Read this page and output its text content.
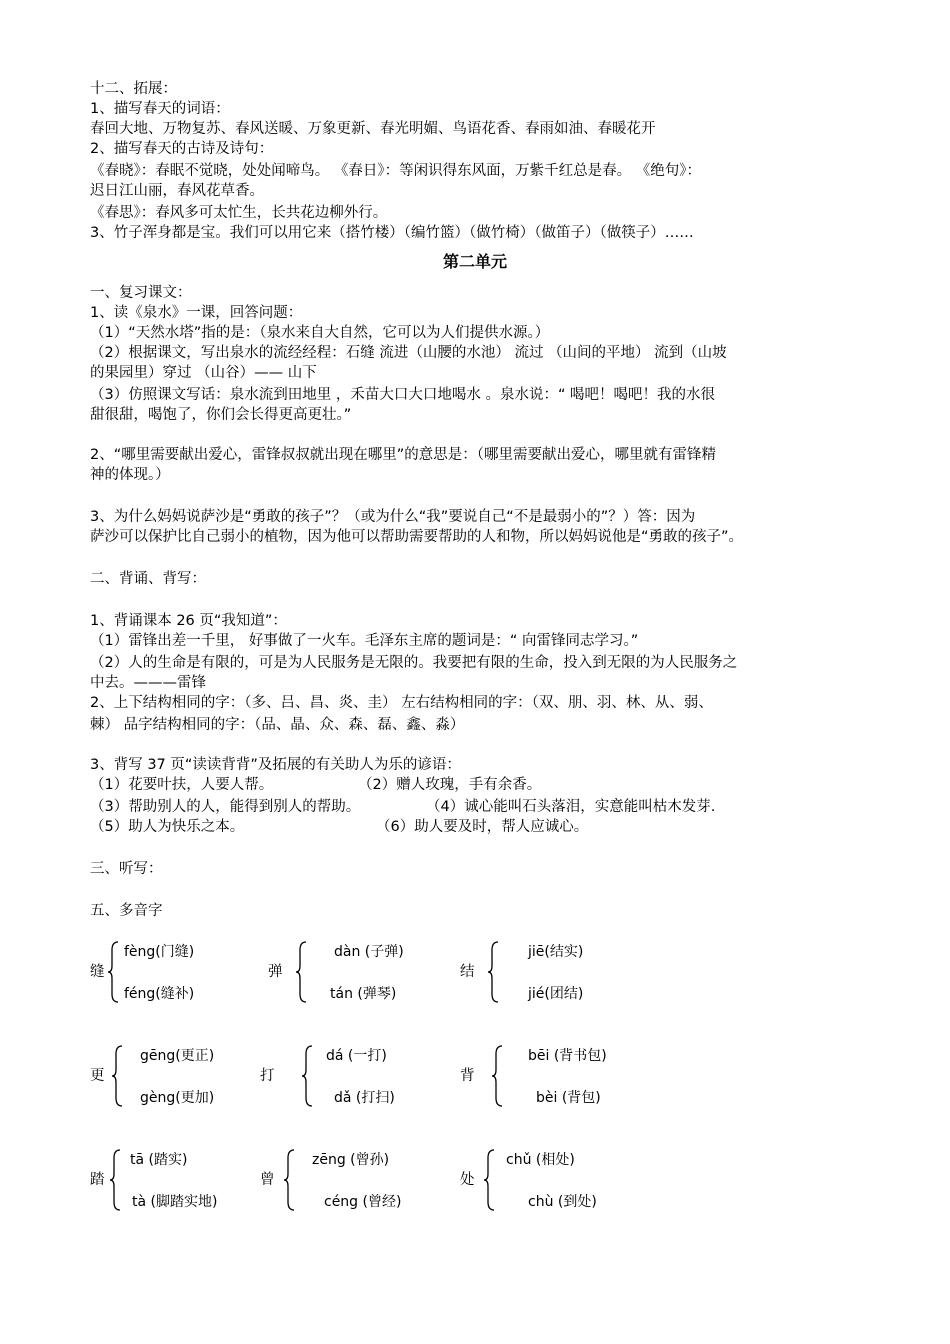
十二、拓展：
1、描写春天的词语：
春回大地、万物复苏、春风送暖、万象更新、春光明媚、鸟语花香、春雨如油、春暖花开
2、描写春天的古诗及诗句：
《春晓》：春眠不觉晓，处处闻啼鸟。 《春日》：等闲识得东风面，万紫千红总是春。 《绝句》：
迟日江山丽，春风花草香。
《春思》：春风多可太忙生，长共花边柳外行。
3、竹子浑身都是宝。我们可以用它来（搭竹楼）（编竹篮）（做竹椅）（做笛子）（做筷子）……
第二单元
一、复习课文：
1、读《泉水》一课，回答问题：
（1）“天然水塔”指的是：（泉水来自大自然，它可以为人们提供水源。）
（2）根据课文，写出泉水的流经经程：石缝 流进（山腰的水池） 流过 （山间的平地） 流到（山坡
的果园里）穿过 （山谷）—— 山下
（3）仿照课文写话：泉水流到田地里 ，禾苗大口大口地喝水 。泉水说：“ 喝吧！喝吧！我的水很
甜很甜，喝饱了，你们会长得更高更壮。”
2、“哪里需要献出爱心，雷锋叔叔就出现在哪里”的意思是：（哪里需要献出爱心，哪里就有雷锋精
神的体现。）
3、为什么妈妈说萨沙是“勇敢的孩子”？（或为什么“我”要说自己“不是最弱小的”？）答：因为
萨沙可以保护比自己弱小的植物，因为他可以帮助需要帮助的人和物，所以妈妈说他是“勇敢的孩子”。
二、背诵、背写：
1、背诵课本 26 页“我知道”：
（1）雷锋出差一千里， 好事做了一火车。毛泽东主席的题词是：“ 向雷锋同志学习。”
（2）人的生命是有限的，可是为人民服务是无限的。我要把有限的生命，投入到无限的为人民服务之
中去。———雷锋
2、上下结构相同的字：（多、吕、昌、炎、圭） 左右结构相同的字：（双、朋、羽、林、从、弱、
棘） 品字结构相同的字：（品、晶、众、森、磊、鑫、淼）
3、背写 37 页“读读背背”及拓展的有关助人为乐的谚语：
（1）花要叶扶，人要人帮。	（2）赠人玫瑰，手有余香。
（3）帮助别人的人，能得到别人的帮助。	（4）诚心能叫石头落泪，实意能叫枯木发芽.
（5）助人为快乐之本。	（6）助人要及时，帮人应诚心。
三、听写：
五、多音字
缝
fèng(门缝)
féng(缝补)
弹
dàn (子弹)
tán (弹琴)
结
jiē(结实)
jié(团结)
更
gēng(更正)
gèng(更加)
打
dá (一打)
dǎ (打扫)
背
bēi (背书包)
bèi (背包)
踏
tā (踏实)
tà (脚踏实地)
曾
zēng (曾孙)
céng (曾经)
处
chǔ (相处)
chù (到处)
